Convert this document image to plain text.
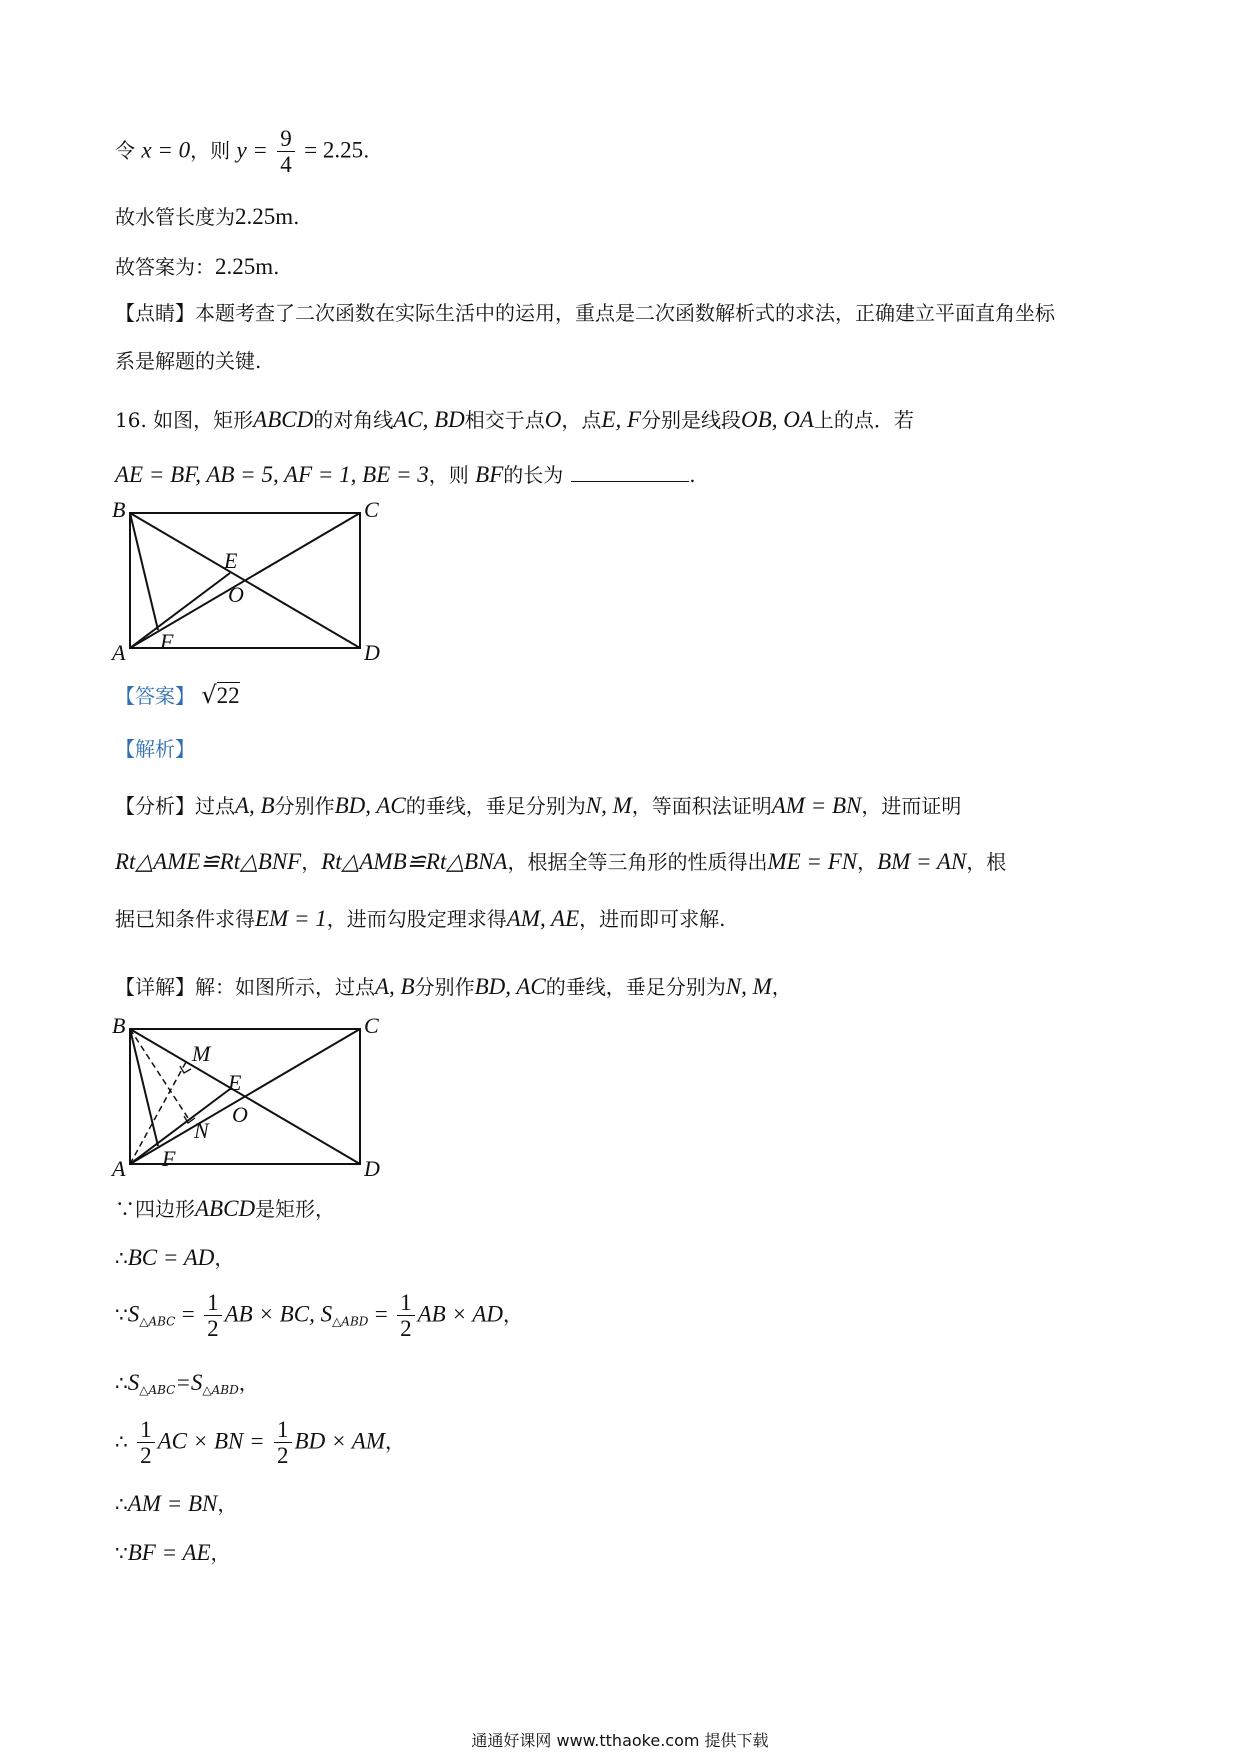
令 x = 0，则 $y = \frac{9}{4} = 2.25$.
故水管长度为2.25m.
故答案为：2.25m.
【点睛】本题考查了二次函数在实际生活中的运用，重点是二次函数解析式的求法，正确建立平面直角坐标
系是解题的关键.
16. 如图，矩形ABCD的对角线AC, BD相交于点O，点E, F分别是线段OB, OA上的点．若
AE = BF, AB = 5, AF = 1, BE = 3，则 BF的长为	.
B	C
A	D
E
O
F
【答案】 √22
【解析】
【分析】过点A, B分别作BD, AC的垂线，垂足分别为N, M，等面积法证明AM = BN，进而证明
Rt△AME≌Rt△BNF，Rt△AMB≌Rt△BNA，根据全等三角形的性质得出ME = FN，BM = AN，根
据已知条件求得EM = 1，进而勾股定理求得AM, AE，进而即可求解.
【详解】解：如图所示，过点A, B分别作BD, AC的垂线，垂足分别为N, M，
B	C
A	D
M
E
O
N
F
∵四边形ABCD是矩形，
∴BC = AD，
$\because S_{\triangle ABC} = \frac{1}{2}$ AB × BC, $S_{\triangle ABD} = \frac{1}{2}$ AB × AD，
$\therefore S_{\triangle ABC}=S_{\triangle ABD}$，
∴ $\frac{1}{2}$ AC × BN = $\frac{1}{2}$ BD × AM，
∴AM = BN，
∵BF = AE，
通通好课网 www.tthaoke.com 提供下载
